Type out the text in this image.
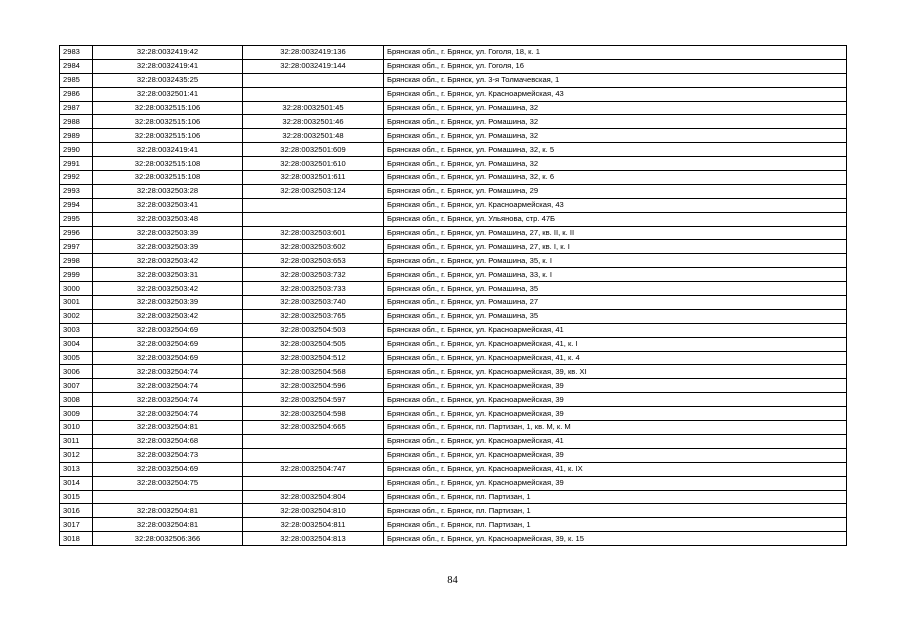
2983	32:28:0032419:42	32:28:0032419:136	Брянская обл., г. Брянск, ул. Гоголя, 18, к. 1
2984	32:28:0032419:41	32:28:0032419:144	Брянская обл., г. Брянск, ул. Гоголя, 16
2985	32:28:0032435:25		Брянская обл., г. Брянск, ул. 3-я Толмачевская, 1
2986	32:28:0032501:41		Брянская обл., г. Брянск, ул. Красноармейская, 43
2987	32:28:0032515:106	32:28:0032501:45	Брянская обл., г. Брянск, ул. Ромашина, 32
2988	32:28:0032515:106	32:28:0032501:46	Брянская обл., г. Брянск, ул. Ромашина, 32
2989	32:28:0032515:106	32:28:0032501:48	Брянская обл., г. Брянск, ул. Ромашина, 32
2990	32:28:0032419:41	32:28:0032501:609	Брянская обл., г. Брянск, ул. Ромашина, 32, к. 5
2991	32:28:0032515:108	32:28:0032501:610	Брянская обл., г. Брянск, ул. Ромашина, 32
2992	32:28:0032515:108	32:28:0032501:611	Брянская обл., г. Брянск, ул. Ромашина, 32, к. 6
2993	32:28:0032503:28	32:28:0032503:124	Брянская обл., г. Брянск, ул. Ромашина, 29
2994	32:28:0032503:41		Брянская обл., г. Брянск, ул. Красноармейская, 43
2995	32:28:0032503:48		Брянская обл., г. Брянск, ул. Ульянова, стр. 47Б
2996	32:28:0032503:39	32:28:0032503:601	Брянская обл., г. Брянск, ул. Ромашина, 27, кв. II, к. II
2997	32:28:0032503:39	32:28:0032503:602	Брянская обл., г. Брянск, ул. Ромашина, 27, кв. I, к. I
2998	32:28:0032503:42	32:28:0032503:653	Брянская обл., г. Брянск, ул. Ромашина, 35, к. I
2999	32:28:0032503:31	32:28:0032503:732	Брянская обл., г. Брянск, ул. Ромашина, 33, к. I
3000	32:28:0032503:42	32:28:0032503:733	Брянская обл., г. Брянск, ул. Ромашина, 35
3001	32:28:0032503:39	32:28:0032503:740	Брянская обл., г. Брянск, ул. Ромашина, 27
3002	32:28:0032503:42	32:28:0032503:765	Брянская обл., г. Брянск, ул. Ромашина, 35
3003	32:28:0032504:69	32:28:0032504:503	Брянская обл., г. Брянск, ул. Красноармейская, 41
3004	32:28:0032504:69	32:28:0032504:505	Брянская обл., г. Брянск, ул. Красноармейская, 41, к. I
3005	32:28:0032504:69	32:28:0032504:512	Брянская обл., г. Брянск, ул. Красноармейская, 41, к. 4
3006	32:28:0032504:74	32:28:0032504:568	Брянская обл., г. Брянск, ул. Красноармейская, 39, кв. XI
3007	32:28:0032504:74	32:28:0032504:596	Брянская обл., г. Брянск, ул. Красноармейская, 39
3008	32:28:0032504:74	32:28:0032504:597	Брянская обл., г. Брянск, ул. Красноармейская, 39
3009	32:28:0032504:74	32:28:0032504:598	Брянская обл., г. Брянск, ул. Красноармейская, 39
3010	32:28:0032504:81	32:28:0032504:665	Брянская обл., г. Брянск, пл. Партизан, 1, кв. М, к. М
3011	32:28:0032504:68		Брянская обл., г. Брянск, ул. Красноармейская, 41
3012	32:28:0032504:73		Брянская обл., г. Брянск, ул. Красноармейская, 39
3013	32:28:0032504:69	32:28:0032504:747	Брянская обл., г. Брянск, ул. Красноармейская, 41, к. IX
3014	32:28:0032504:75		Брянская обл., г. Брянск, ул. Красноармейская, 39
3015		32:28:0032504:804	Брянская обл., г. Брянск, пл. Партизан, 1
3016	32:28:0032504:81	32:28:0032504:810	Брянская обл., г. Брянск, пл. Партизан, 1
3017	32:28:0032504:81	32:28:0032504:811	Брянская обл., г. Брянск, пл. Партизан, 1
3018	32:28:0032506:366	32:28:0032504:813	Брянская обл., г. Брянск, ул. Красноармейская, 39, к. 15
84
